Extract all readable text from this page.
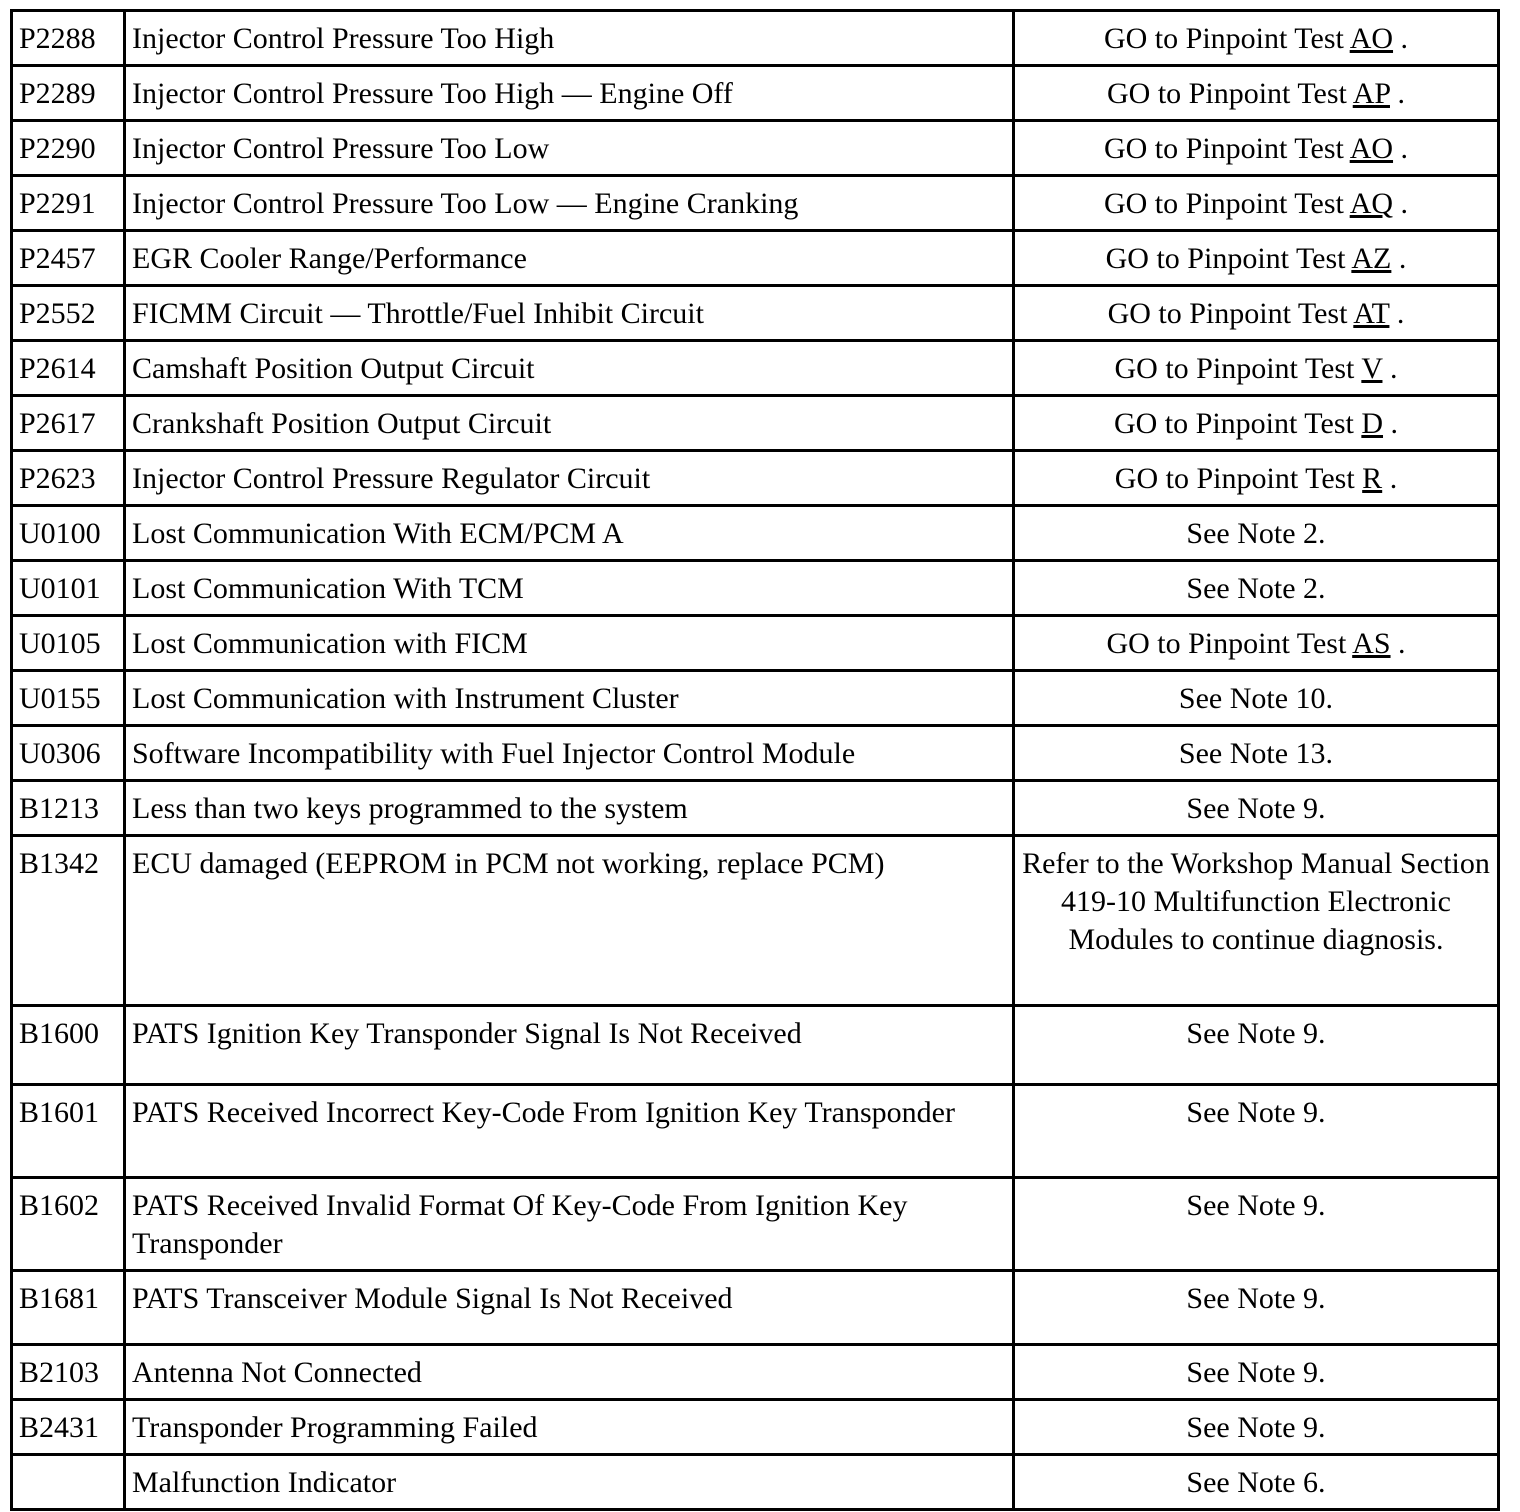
P2288	Injector Control Pressure Too High	GO to Pinpoint Test AO .
P2289	Injector Control Pressure Too High — Engine Off	GO to Pinpoint Test AP .
P2290	Injector Control Pressure Too Low	GO to Pinpoint Test AO .
P2291	Injector Control Pressure Too Low — Engine Cranking	GO to Pinpoint Test AQ .
P2457	EGR Cooler Range/Performance	GO to Pinpoint Test AZ .
P2552	FICMM Circuit — Throttle/Fuel Inhibit Circuit	GO to Pinpoint Test AT .
P2614	Camshaft Position Output Circuit	GO to Pinpoint Test V .
P2617	Crankshaft Position Output Circuit	GO to Pinpoint Test D .
P2623	Injector Control Pressure Regulator Circuit	GO to Pinpoint Test R .
U0100	Lost Communication With ECM/PCM A	See Note 2.
U0101	Lost Communication With TCM	See Note 2.
U0105	Lost Communication with FICM	GO to Pinpoint Test AS .
U0155	Lost Communication with Instrument Cluster	See Note 10.
U0306	Software Incompatibility with Fuel Injector Control Module	See Note 13.
B1213	Less than two keys programmed to the system	See Note 9.
B1342	ECU damaged (EEPROM in PCM not working, replace PCM)	Refer to the Workshop Manual Section 419-10 Multifunction Electronic Modules to continue diagnosis.
B1600	PATS Ignition Key Transponder Signal Is Not Received	See Note 9.
B1601	PATS Received Incorrect Key-Code From Ignition Key Transponder	See Note 9.
B1602	PATS Received Invalid Format Of Key-Code From Ignition Key Transponder	See Note 9.
B1681	PATS Transceiver Module Signal Is Not Received	See Note 9.
B2103	Antenna Not Connected	See Note 9.
B2431	Transponder Programming Failed	See Note 9.
	Malfunction Indicator	See Note 6.
